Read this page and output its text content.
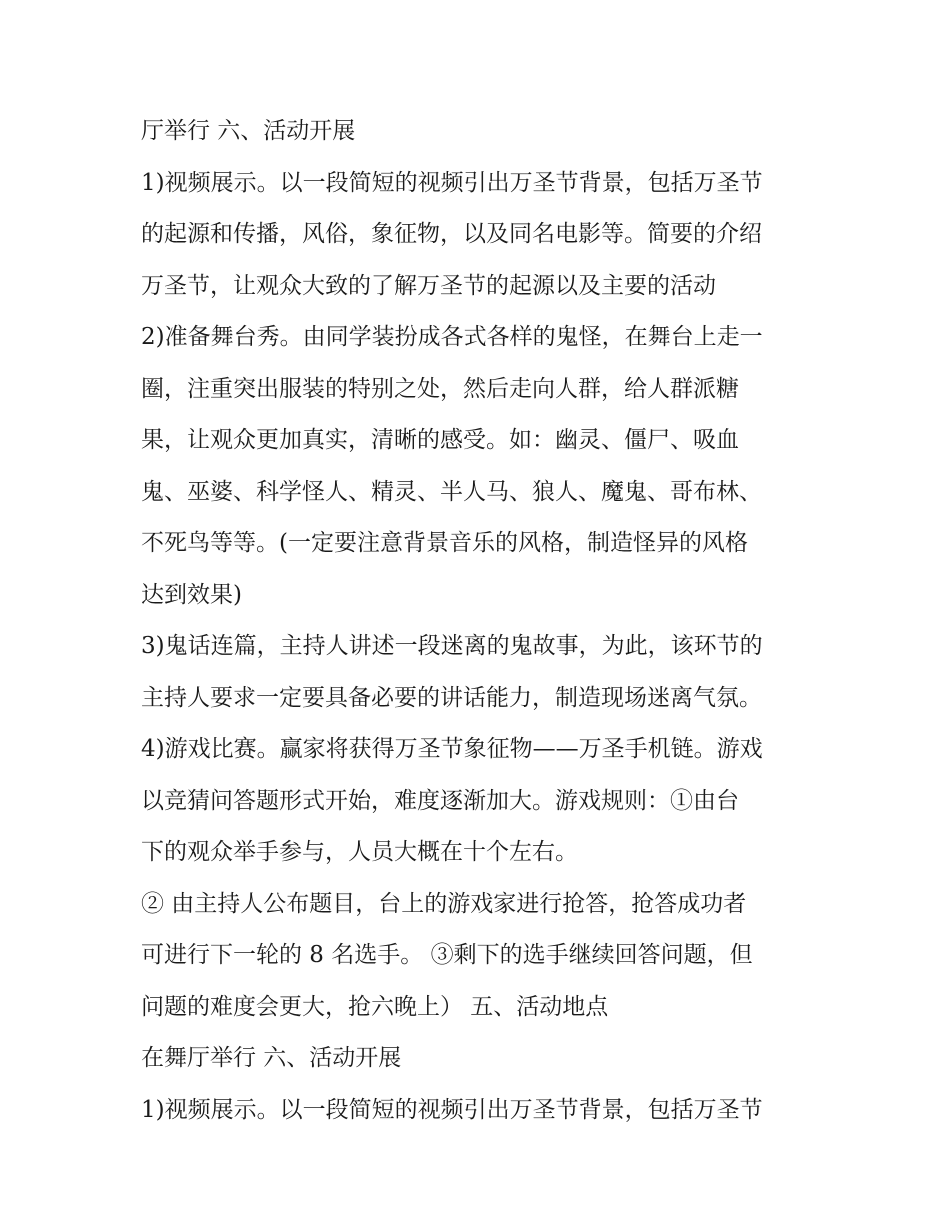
厅举行 六、活动开展

1)视频展示。以一段简短的视频引出万圣节背景，包括万圣节

的起源和传播，风俗，象征物，以及同名电影等。简要的介绍

万圣节，让观众大致的了解万圣节的起源以及主要的活动

2)准备舞台秀。由同学装扮成各式各样的鬼怪，在舞台上走一

圈，注重突出服装的特别之处，然后走向人群，给人群派糖

果，让观众更加真实，清晰的感受。如：幽灵、僵尸、吸血

鬼、巫婆、科学怪人、精灵、半人马、狼人、魔鬼、哥布林、

不死鸟等等。(一定要注意背景音乐的风格，制造怪异的风格

达到效果)

3)鬼话连篇，主持人讲述一段迷离的鬼故事，为此，该环节的

主持人要求一定要具备必要的讲话能力，制造现场迷离气氛。

4)游戏比赛。赢家将获得万圣节象征物——万圣手机链。游戏

以竞猜问答题形式开始，难度逐渐加大。游戏规则：①由台

下的观众举手参与，人员大概在十个左右。

② 由主持人公布题目，台上的游戏家进行抢答，抢答成功者

可进行下一轮的 8 名选手。 ③剩下的选手继续回答问题，但

问题的难度会更大，抢六晚上） 五、活动地点

在舞厅举行 六、活动开展

1)视频展示。以一段简短的视频引出万圣节背景，包括万圣节
